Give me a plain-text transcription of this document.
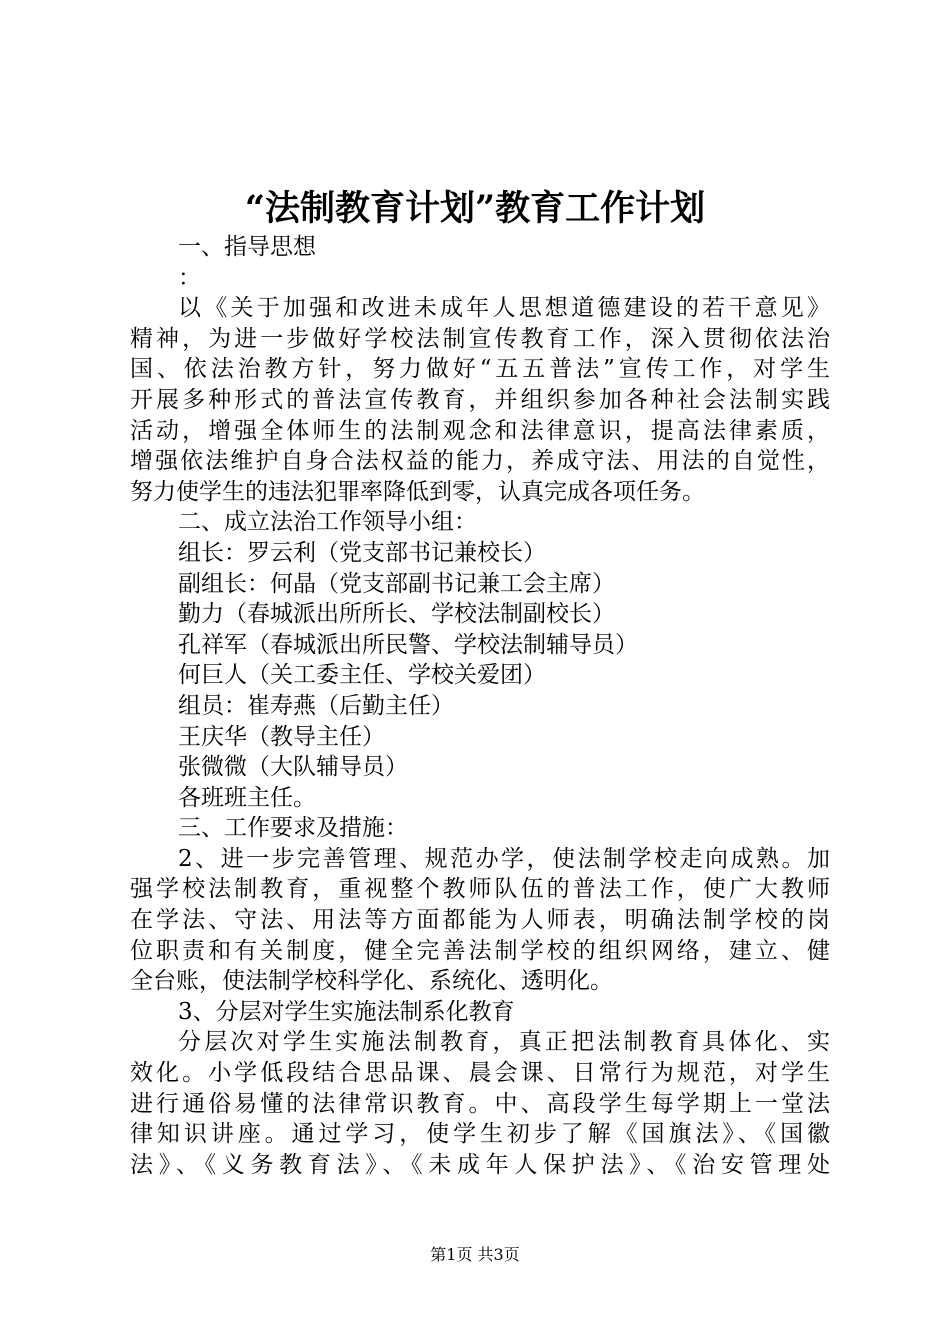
“法制教育计划”教育工作计划
一、指导思想
：
以《关于加强和改进未成年人思想道德建设的若干意见》
精神，为进一步做好学校法制宣传教育工作，深入贯彻依法治
国、依法治教方针，努力做好“五五普法”宣传工作，对学生
开展多种形式的普法宣传教育，并组织参加各种社会法制实践
活动，增强全体师生的法制观念和法律意识，提高法律素质，
增强依法维护自身合法权益的能力，养成守法、用法的自觉性，
努力使学生的违法犯罪率降低到零，认真完成各项任务。
二、成立法治工作领导小组：
组长：罗云利（党支部书记兼校长）
副组长：何晶（党支部副书记兼工会主席）
勤力（春城派出所所长、学校法制副校长）
孔祥军（春城派出所民警、学校法制辅导员）
何巨人（关工委主任、学校关爱团）
组员：崔寿燕（后勤主任）
王庆华（教导主任）
张微微（大队辅导员）
各班班主任。
三、工作要求及措施：
2、进一步完善管理、规范办学，使法制学校走向成熟。加
强学校法制教育，重视整个教师队伍的普法工作，使广大教师
在学法、守法、用法等方面都能为人师表，明确法制学校的岗
位职责和有关制度，健全完善法制学校的组织网络，建立、健
全台账，使法制学校科学化、系统化、透明化。
3、分层对学生实施法制系化教育
分层次对学生实施法制教育，真正把法制教育具体化、实
效化。小学低段结合思品课、晨会课、日常行为规范，对学生
进行通俗易懂的法律常识教育。中、高段学生每学期上一堂法
律知识讲座。通过学习，使学生初步了解《国旗法》、《国徽
法》、《义务教育法》、《未成年人保护法》、《治安管理处
第1页 共3页
